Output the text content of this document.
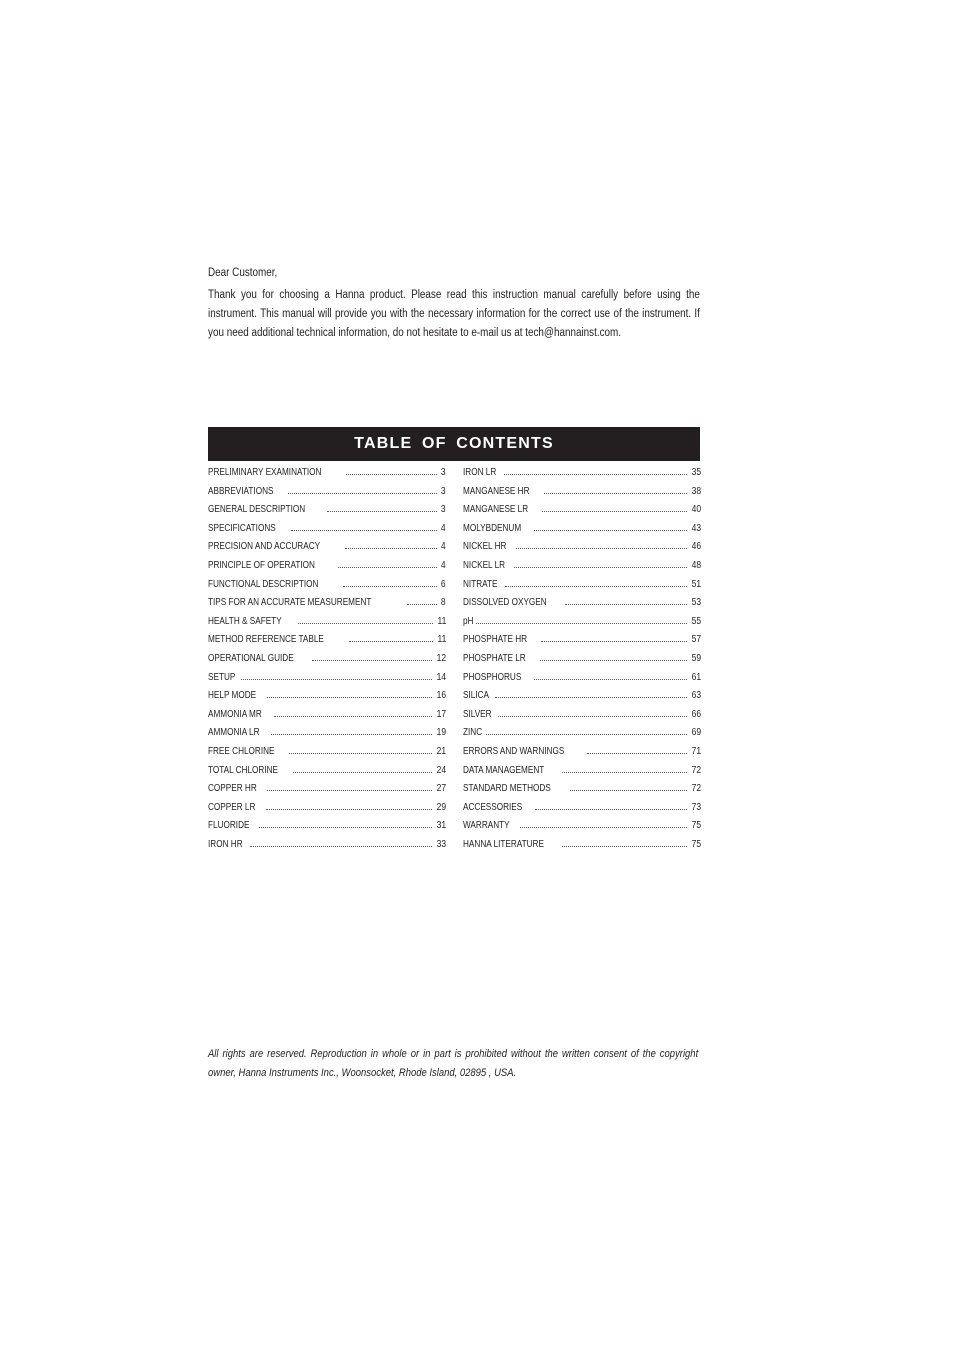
Dear Customer,

Thank you for choosing a Hanna product. Please read this instruction manual carefully before using the instrument. This manual will provide you with the necessary information for the correct use of the instrument. If you need additional technical information, do not hesitate to e-mail us at tech@hannainst.com.

TABLE OF CONTENTS
PRELIMINARY EXAMINATION	3
ABBREVIATIONS	3
GENERAL DESCRIPTION	3
SPECIFICATIONS	4
PRECISION AND ACCURACY	4
PRINCIPLE OF OPERATION	4
FUNCTIONAL DESCRIPTION	6
TIPS FOR AN ACCURATE MEASUREMENT	8
HEALTH & SAFETY	11
METHOD REFERENCE TABLE	11
OPERATIONAL GUIDE	12
SETUP	14
HELP MODE	16
AMMONIA MR	17
AMMONIA LR	19
FREE CHLORINE	21
TOTAL CHLORINE	24
COPPER HR	27
COPPER LR	29
FLUORIDE	31
IRON HR	33
IRON LR	35
MANGANESE HR	38
MANGANESE LR	40
MOLYBDENUM	43
NICKEL HR	46
NICKEL LR	48
NITRATE	51
DISSOLVED OXYGEN	53
pH	55
PHOSPHATE HR	57
PHOSPHATE LR	59
PHOSPHORUS	61
SILICA	63
SILVER	66
ZINC	69
ERRORS AND WARNINGS	71
DATA MANAGEMENT	72
STANDARD METHODS	72
ACCESSORIES	73
WARRANTY	75
HANNA LITERATURE	75
All rights are reserved. Reproduction in whole or in part is prohibited without the written consent of the copyright owner, Hanna Instruments Inc., Woonsocket, Rhode Island, 02895 , USA.
